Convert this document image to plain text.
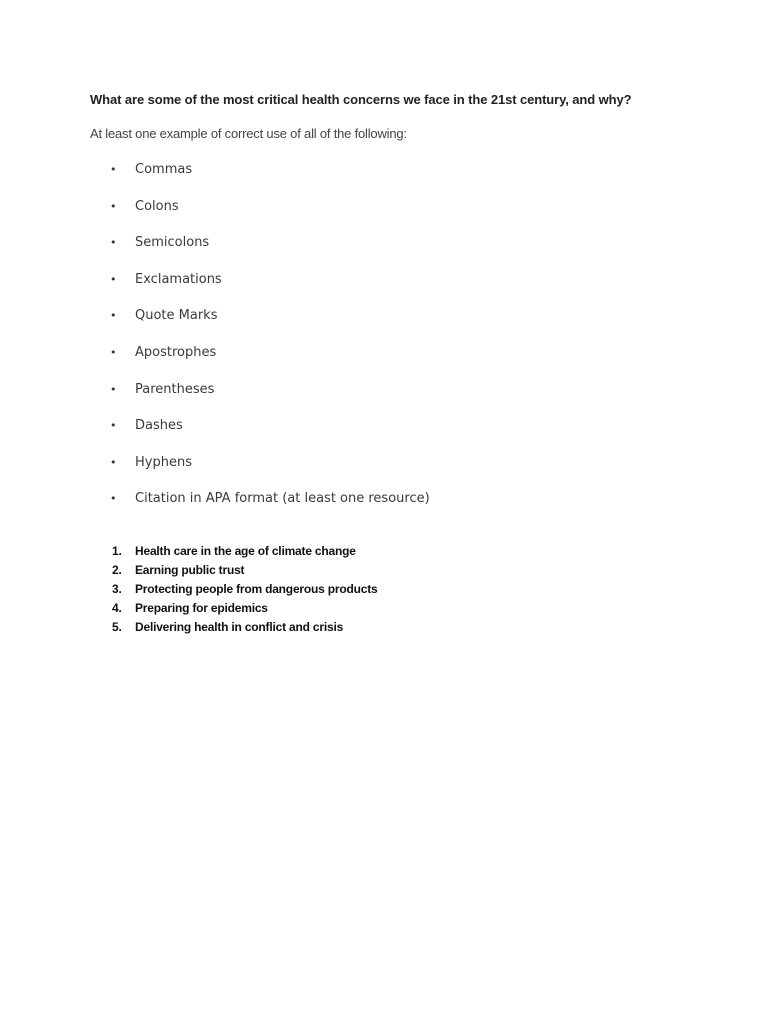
What are some of the most critical health concerns we face in the 21st century, and why?
At least one example of correct use of all of the following:
• Commas
• Colons
• Semicolons
• Exclamations
• Quote Marks
• Apostrophes
• Parentheses
• Dashes
• Hyphens
• Citation in APA format (at least one resource)
1.	Health care in the age of climate change
2.	Earning public trust
3.	Protecting people from dangerous products
4.	Preparing for epidemics
5.	Delivering health in conflict and crisis
